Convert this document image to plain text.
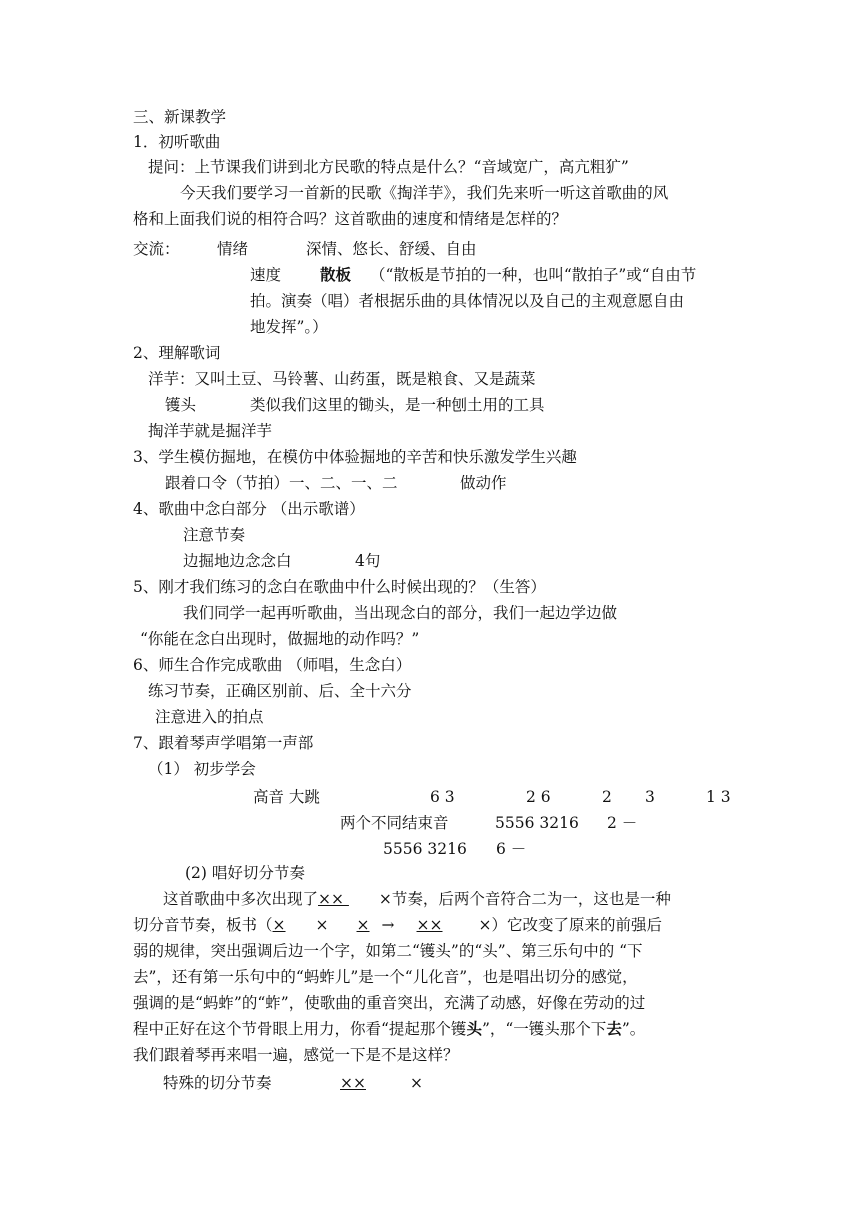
三、新课教学
1．初听歌曲
提问：上节课我们讲到北方民歌的特点是什么？“音域宽广，高亢粗犷”
今天我们要学习一首新的民歌《掏洋芋》，我们先来听一听这首歌曲的风
格和上面我们说的相符合吗？这首歌曲的速度和情绪是怎样的？
交流： 情绪	深情、悠长、舒缓、自由
速度	散板 （“散板是节拍的一种，也叫“散拍子”或“自由节
拍。演奏（唱）者根据乐曲的具体情况以及自己的主观意愿自由
地发挥”。）
2、理解歌词
洋芋：又叫土豆、马铃薯、山药蛋，既是粮食、又是蔬菜
镬头	类似我们这里的锄头，是一种刨土用的工具
掏洋芋就是掘洋芋
3、学生模仿掘地，在模仿中体验掘地的辛苦和快乐激发学生兴趣
跟着口令（节拍）一、二、一、二	做动作
4、歌曲中念白部分 （出示歌谱）
注意节奏
边掘地边念念白	4句
5、刚才我们练习的念白在歌曲中什么时候出现的？（生答）
我们同学一起再听歌曲，当出现念白的部分，我们一起边学边做
“你能在念白出现时，做掘地的动作吗？”
6、师生合作完成歌曲 （师唱，生念白）
练习节奏，正确区别前、后、全十六分
注意进入的拍点
7、跟着琴声学唱第一声部
（1） 初步学会
高音 大跳	6 3	2 6	2 3	1 3
两个不同结束音	5556 3216 2 －
5556 3216 6 －
(2) 唱好切分节奏
这首歌曲中多次出现了×× ×节奏，后两个音符合二为一，这也是一种
切分音节奏，板书（× × × → ×× ×）它改变了原来的前强后
弱的规律，突出强调后边一个字，如第二“镬头”的“头”、第三乐句中的 “下
去”，还有第一乐句中的“蚂蚱儿”是一个“儿化音”，也是唱出切分的感觉，
强调的是“蚂蚱”的“蚱”，使歌曲的重音突出，充满了动感，好像在劳动的过
程中正好在这个节骨眼上用力，你看“提起那个镬头”，“一镬头那个下去”。
我们跟着琴再来唱一遍，感觉一下是不是这样？
特殊的切分节奏	××	×
